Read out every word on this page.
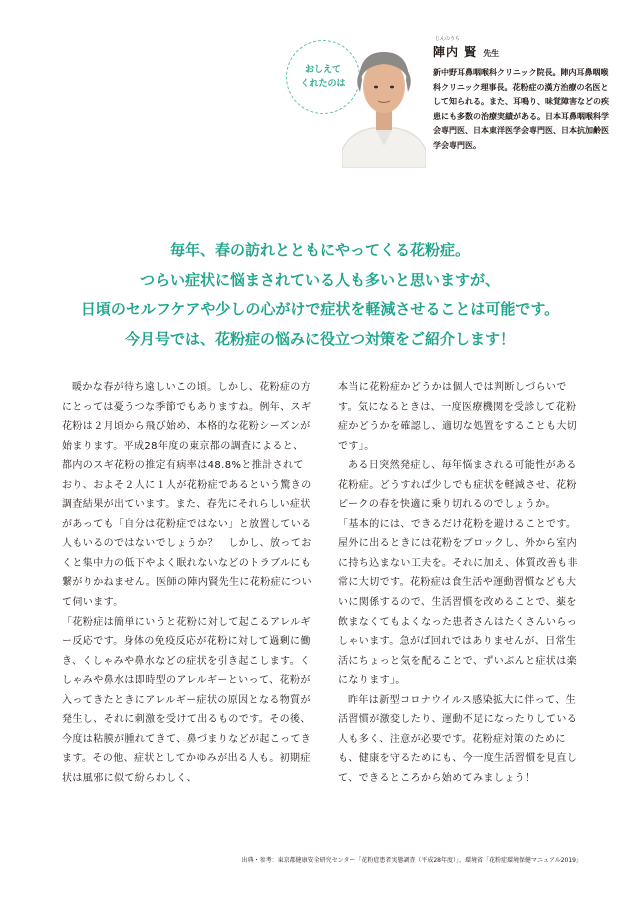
おしえて
くれたのは
じんのうち
陣内 賢 先生
新中野耳鼻咽喉科クリニック院長。陣内耳鼻咽喉科クリニック理事長。花粉症の漢方治療の名医として知られる。また、耳鳴り、味覚障害などの疾患にも多数の治療実績がある。日本耳鼻咽喉科学会専門医、日本東洋医学会専門医、日本抗加齢医学会専門医。
毎年、春の訪れとともにやってくる花粉症。
つらい症状に悩まされている人も多いと思いますが、
日頃のセルフケアや少しの心がけで症状を軽減させることは可能です。
今月号では、花粉症の悩みに役立つ対策をご紹介します！

暖かな春が待ち遠しいこの頃。しかし、花粉症の方にとっては憂うつな季節でもありますね。例年、スギ花粉は２月頃から飛び始め、本格的な花粉シーズンが始まります。平成28年度の東京都の調査によると、都内のスギ花粉の推定有病率は48.8%と推計されており、およそ２人に１人が花粉症であるという驚きの調査結果が出ています。また、春先にそれらしい症状があっても「自分は花粉症ではない」と放置している人もいるのではないでしょうか？　しかし、放っておくと集中力の低下やよく眠れないなどのトラブルにも繋がりかねません。医師の陣内賢先生に花粉症について伺います。

「花粉症は簡単にいうと花粉に対して起こるアレルギー反応です。身体の免疫反応が花粉に対して過剰に働き、くしゃみや鼻水などの症状を引き起こします。くしゃみや鼻水は即時型のアレルギーといって、花粉が入ってきたときにアレルギー症状の原因となる物質が発生し、それに刺激を受けて出るものです。その後、今度は粘膜が腫れてきて、鼻づまりなどが起こってきます。その他、症状としてかゆみが出る人も。初期症状は風邪に似て紛らわしく、

本当に花粉症かどうかは個人では判断しづらいです。気になるときは、一度医療機関を受診して花粉症かどうかを確認し、適切な処置をすることも大切です」。

ある日突然発症し、毎年悩まされる可能性がある花粉症。どうすれば少しでも症状を軽減させ、花粉ピークの春を快適に乗り切れるのでしょうか。

「基本的には、できるだけ花粉を避けることです。屋外に出るときには花粉をブロックし、外から室内に持ち込まない工夫を。それに加え、体質改善も非常に大切です。花粉症は食生活や運動習慣なども大いに関係するので、生活習慣を改めることで、薬を飲まなくてもよくなった患者さんはたくさんいらっしゃいます。急がば回れではありませんが、日常生活にちょっと気を配ることで、ずいぶんと症状は楽になります」。

昨年は新型コロナウイルス感染拡大に伴って、生活習慣が激変したり、運動不足になったりしている人も多く、注意が必要です。花粉症対策のためにも、健康を守るためにも、今一度生活習慣を見直して、できるところから始めてみましょう！

出典・参考：東京都健康安全研究センター「花粉症患者実態調査（平成28年度）」、環境省「花粉症環境保健マニュアル2019」
